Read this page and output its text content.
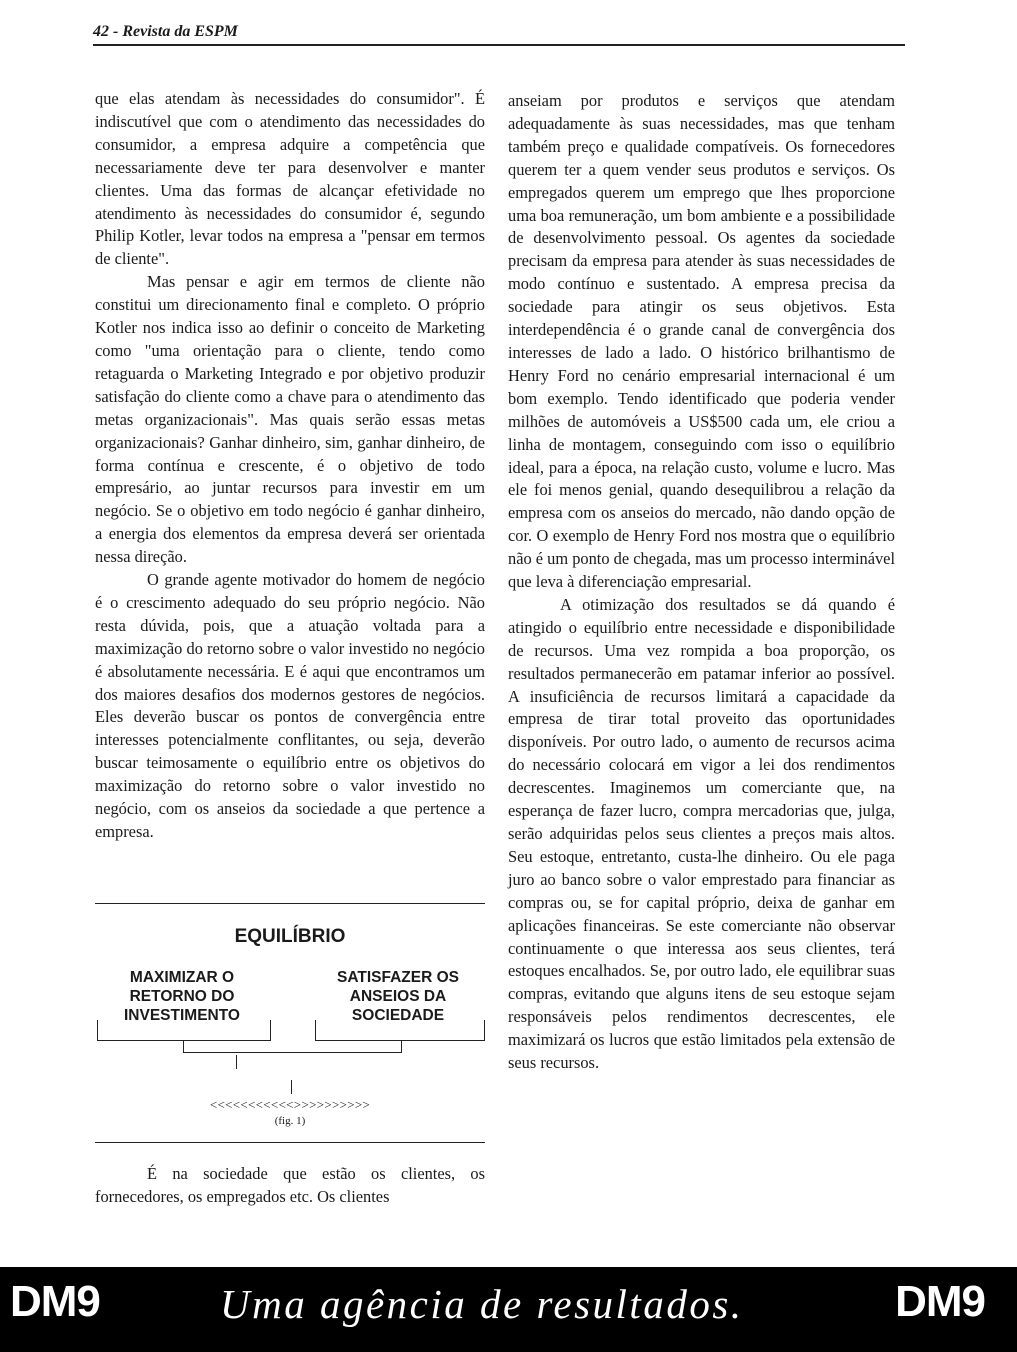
42 - Revista da ESPM

que elas atendam às necessidades do consumidor". É indiscutível que com o atendimento das necessidades do consumidor, a empresa adquire a competência que necessariamente deve ter para desenvolver e manter clientes. Uma das formas de alcançar efetividade no atendimento às necessidades do consumidor é, segundo Philip Kotler, levar todos na empresa a "pensar em termos de cliente".

Mas pensar e agir em termos de cliente não constitui um direcionamento final e completo. O próprio Kotler nos indica isso ao definir o conceito de Marketing como "uma orientação para o cliente, tendo como retaguarda o Marketing Integrado e por objetivo produzir satisfação do cliente como a chave para o atendimento das metas organizacionais". Mas quais serão essas metas organizacionais? Ganhar dinheiro, sim, ganhar dinheiro, de forma contínua e crescente, é o objetivo de todo empresário, ao juntar recursos para investir em um negócio. Se o objetivo em todo negócio é ganhar dinheiro, a energia dos elementos da empresa deverá ser orientada nessa direção.

O grande agente motivador do homem de negócio é o crescimento adequado do seu próprio negócio. Não resta dúvida, pois, que a atuação voltada para a maximização do retorno sobre o valor investido no negócio é absolutamente necessária. E é aqui que encontramos um dos maiores desafios dos modernos gestores de negócios. Eles deverão buscar os pontos de convergência entre interesses potencialmente conflitantes, ou seja, deverão buscar teimosamente o equilíbrio entre os objetivos do maximização do retorno sobre o valor investido no negócio, com os anseios da sociedade a que pertence a empresa.

EQUILÍBRIO
MAXIMIZAR O RETORNO DO INVESTIMENTO
SATISFAZER OS ANSEIOS DA SOCIEDADE
<<<<<<<<<<<>>>>>>>>>>
(fig. 1)

É na sociedade que estão os clientes, os fornecedores, os empregados etc. Os clientes

anseiam por produtos e serviços que atendam adequadamente às suas necessidades, mas que tenham também preço e qualidade compatíveis. Os fornecedores querem ter a quem vender seus produtos e serviços. Os empregados querem um emprego que lhes proporcione uma boa remuneração, um bom ambiente e a possibilidade de desenvolvimento pessoal. Os agentes da sociedade precisam da empresa para atender às suas necessidades de modo contínuo e sustentado. A empresa precisa da sociedade para atingir os seus objetivos. Esta interdependência é o grande canal de convergência dos interesses de lado a lado. O histórico brilhantismo de Henry Ford no cenário empresarial internacional é um bom exemplo. Tendo identificado que poderia vender milhões de automóveis a US$500 cada um, ele criou a linha de montagem, conseguindo com isso o equilíbrio ideal, para a época, na relação custo, volume e lucro. Mas ele foi menos genial, quando desequilibrou a relação da empresa com os anseios do mercado, não dando opção de cor. O exemplo de Henry Ford nos mostra que o equilíbrio não é um ponto de chegada, mas um processo interminável que leva à diferenciação empresarial.

A otimização dos resultados se dá quando é atingido o equilíbrio entre necessidade e disponibilidade de recursos. Uma vez rompida a boa proporção, os resultados permanecerão em patamar inferior ao possível. A insuficiência de recursos limitará a capacidade da empresa de tirar total proveito das oportunidades disponíveis. Por outro lado, o aumento de recursos acima do necessário colocará em vigor a lei dos rendimentos decrescentes. Imaginemos um comerciante que, na esperança de fazer lucro, compra mercadorias que, julga, serão adquiridas pelos seus clientes a preços mais altos. Seu estoque, entretanto, custa-lhe dinheiro. Ou ele paga juro ao banco sobre o valor emprestado para financiar as compras ou, se for capital próprio, deixa de ganhar em aplicações financeiras. Se este comerciante não observar continuamente o que interessa aos seus clientes, terá estoques encalhados. Se, por outro lado, ele equilibrar suas compras, evitando que alguns itens de seu estoque sejam responsáveis pelos rendimentos decrescentes, ele maximizará os lucros que estão limitados pela extensão de seus recursos.

DM9	Uma agência de resultados.	DM9
